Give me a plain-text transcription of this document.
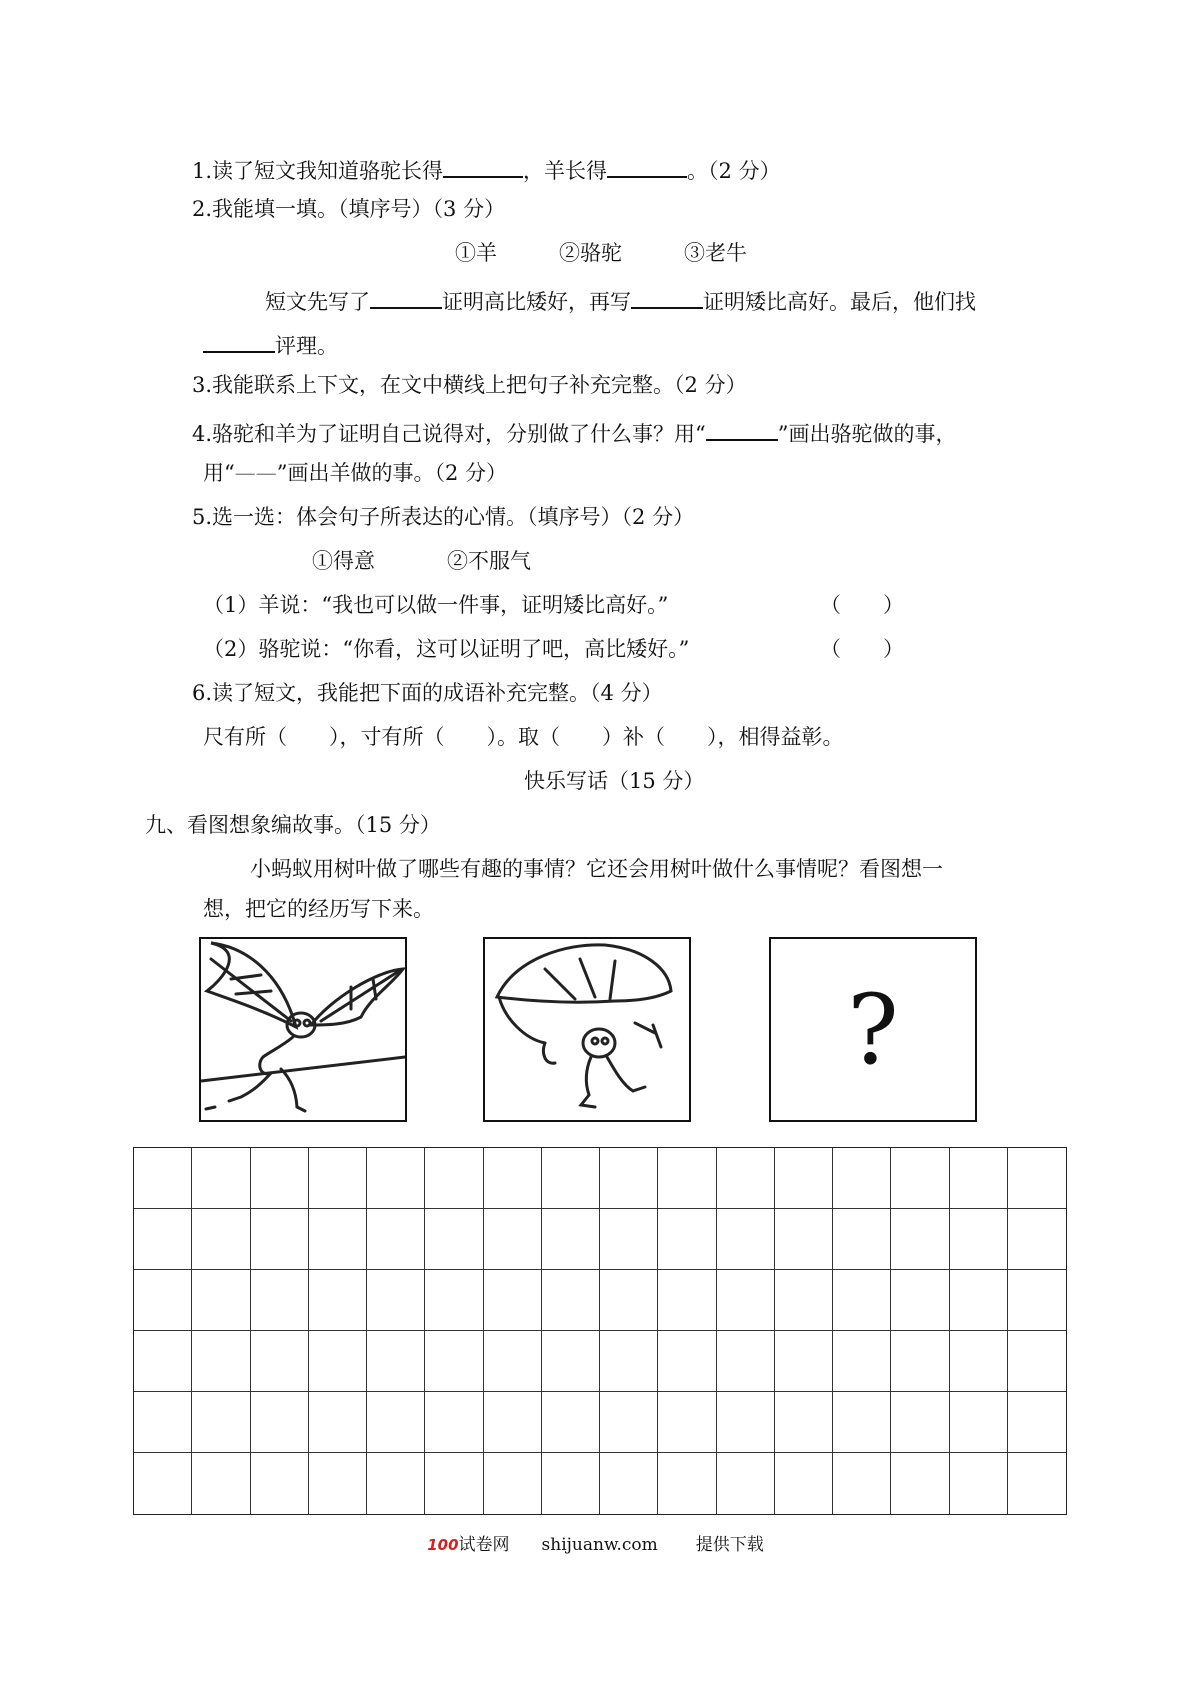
1.读了短文我知道骆驼长得	，羊长得	。（2 分）
2.我能填一填。（填序号）（3 分）
①羊	②骆驼	③老牛
短文先写了	证明高比矮好，再写	证明矮比高好。最后，他们找
评理。
3.我能联系上下文，在文中横线上把句子补充完整。（2 分）
4.骆驼和羊为了证明自己说得对，分别做了什么事？用“	”画出骆驼做的事，
用“——”画出羊做的事。（2 分）
5.选一选：体会句子所表达的心情。（填序号）（2 分）
①得意	②不服气
（1）羊说：“我也可以做一件事，证明矮比高好。”	（　　）
（2）骆驼说：“你看，这可以证明了吧，高比矮好。”	（　　）
6.读了短文，我能把下面的成语补充完整。（4 分）
尺有所（　　），寸有所（　　）。取（　　）补（　　），相得益彰。
快乐写话（15 分）
九、看图想象编故事。（15 分）
小蚂蚁用树叶做了哪些有趣的事情？它还会用树叶做什么事情呢？看图想一
想，把它的经历写下来。
?
100试卷网 shijuanw.com 提供下载
